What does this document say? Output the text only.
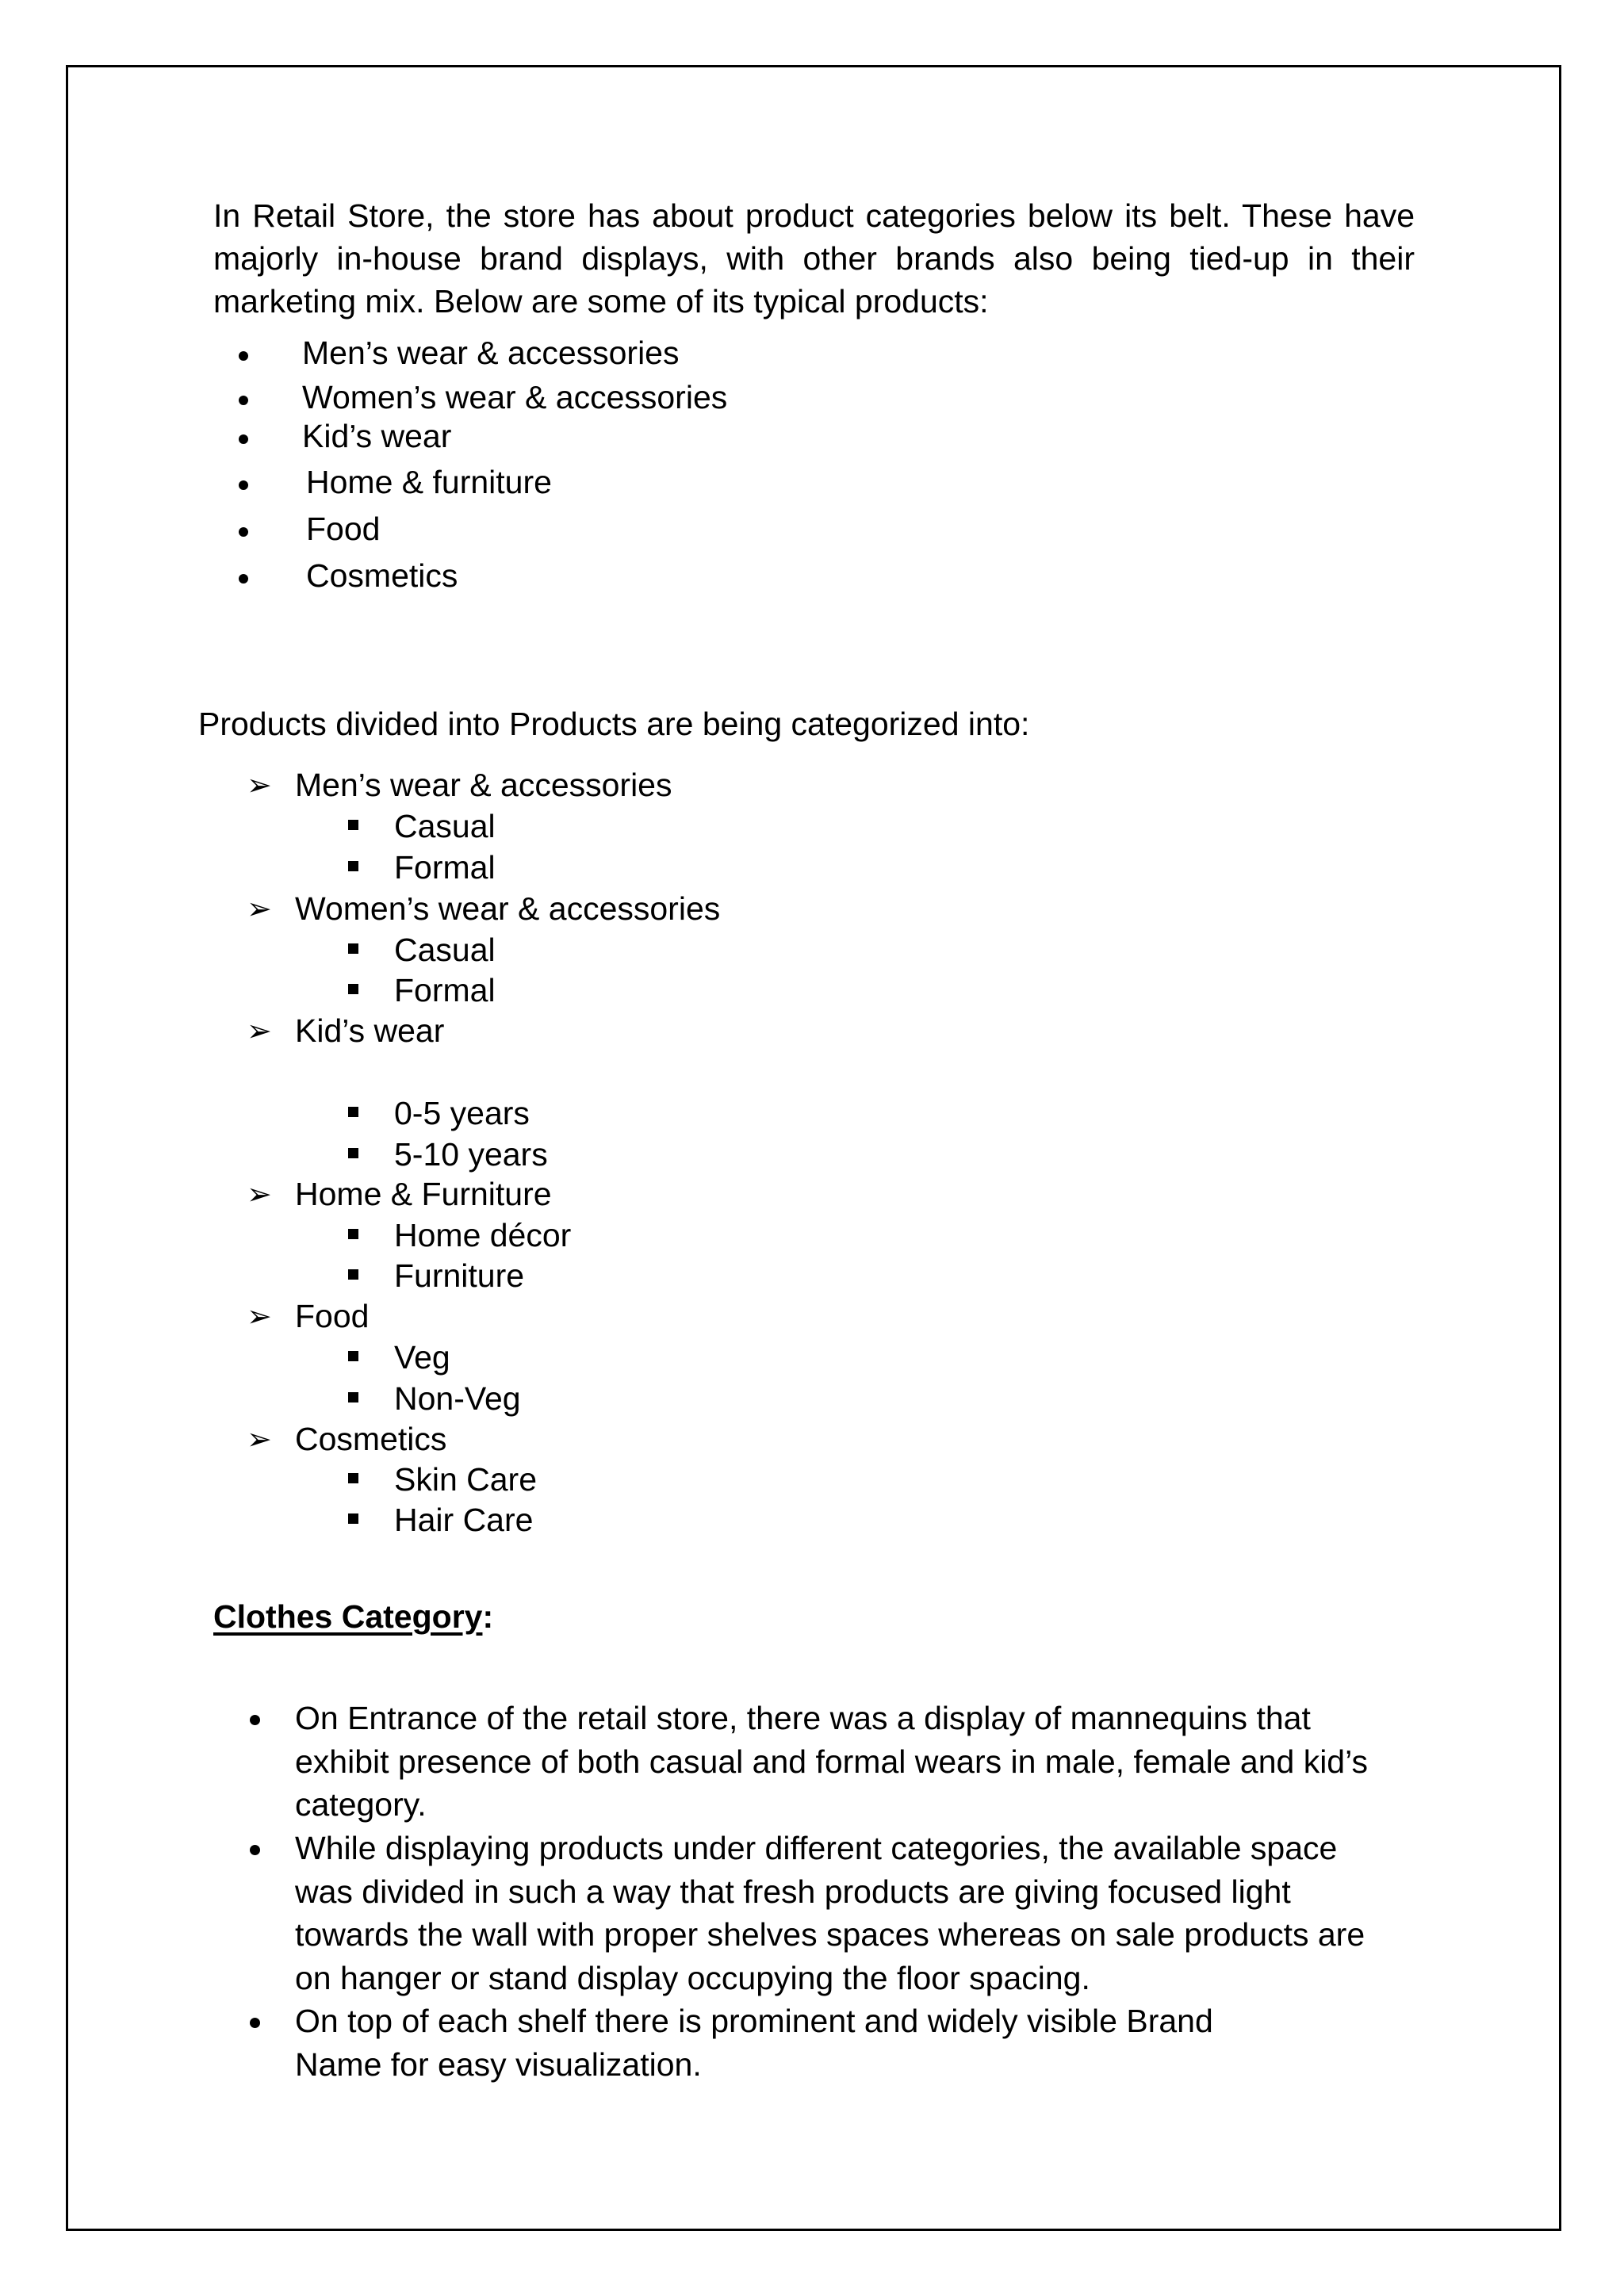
In Retail Store, the store has about product categories below its belt. These have majorly in-house brand displays, with other brands also being tied-up in their marketing mix. Below are some of its typical products:

Men’s wear & accessories
Women’s wear & accessories
Kid’s wear
Home & furniture
Food
Cosmetics
Products divided into Products are being categorized into:
➢ Men’s wear & accessories
Casual
Formal
➢ Women’s wear & accessories
Casual
Formal
➢ Kid’s wear
0-5 years
5-10 years
➢ Home & Furniture
Home décor
Furniture
➢ Food
Veg
Non-Veg
➢ Cosmetics
Skin Care
Hair Care
Clothes Category:

On Entrance of the retail store, there was a display of mannequins that exhibit presence of both casual and formal wears in male, female and kid’s category.

While displaying products under different categories, the available space was divided in such a way that fresh products are giving focused light towards the wall with proper shelves spaces whereas on sale products are on hanger or stand display occupying the floor spacing.

On top of each shelf there is prominent and widely visible Brand Name for easy visualization.
